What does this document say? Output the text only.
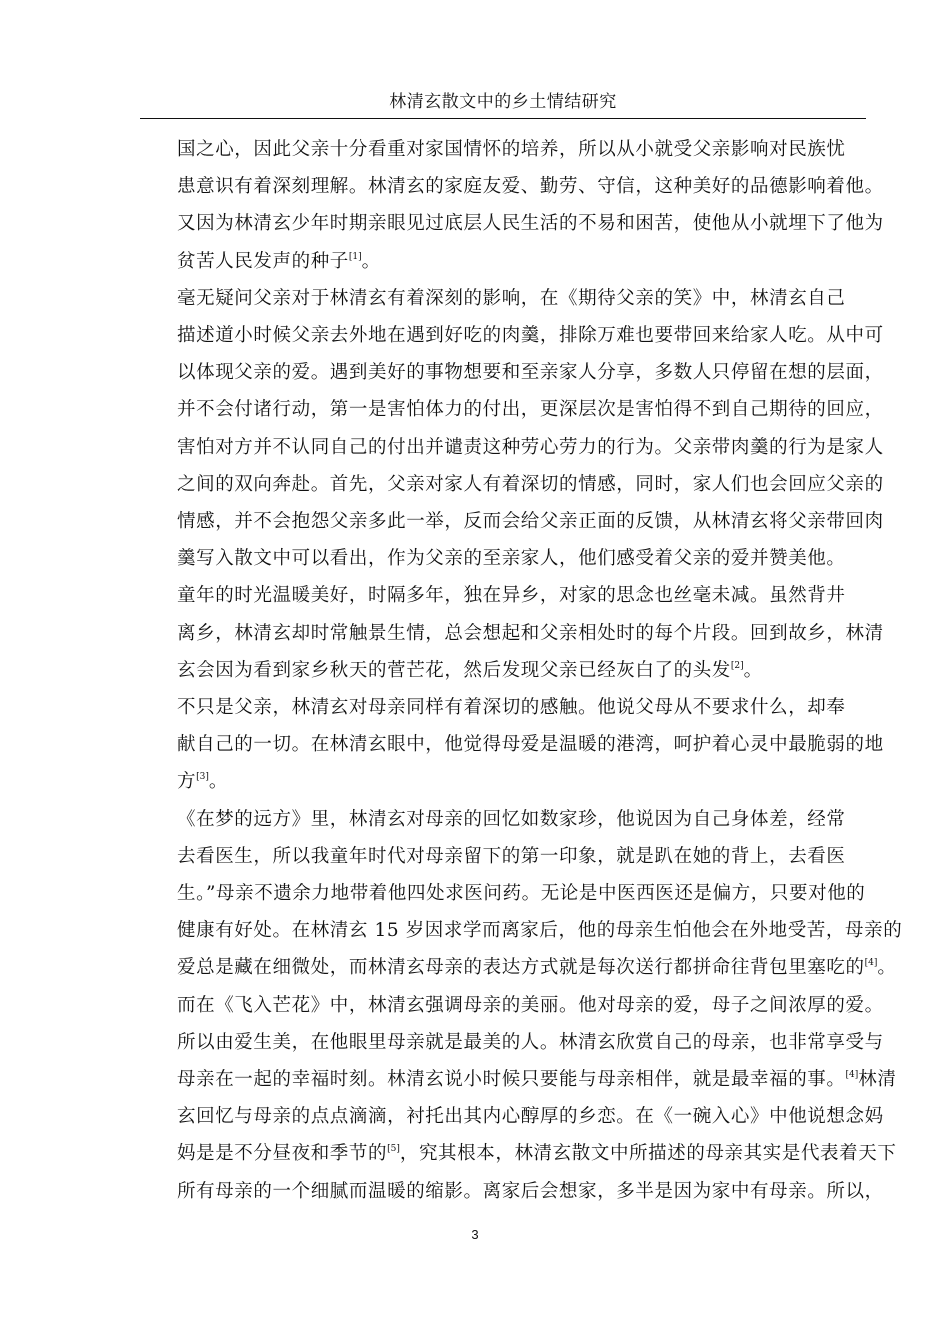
林清玄散文中的乡土情结研究

国之心，因此父亲十分看重对家国情怀的培养，所以从小就受父亲影响对民族忧
患意识有着深刻理解。林清玄的家庭友爱、勤劳、守信，这种美好的品德影响着他。
又因为林清玄少年时期亲眼见过底层人民生活的不易和困苦，使他从小就埋下了他为
贫苦人民发声的种子[1]。

毫无疑问父亲对于林清玄有着深刻的影响，在《期待父亲的笑》中，林清玄自己
描述道小时候父亲去外地在遇到好吃的肉羹，排除万难也要带回来给家人吃。从中可
以体现父亲的爱。遇到美好的事物想要和至亲家人分享，多数人只停留在想的层面，
并不会付诸行动，第一是害怕体力的付出，更深层次是害怕得不到自己期待的回应，
害怕对方并不认同自己的付出并谴责这种劳心劳力的行为。父亲带肉羹的行为是家人
之间的双向奔赴。首先，父亲对家人有着深切的情感，同时，家人们也会回应父亲的
情感，并不会抱怨父亲多此一举，反而会给父亲正面的反馈，从林清玄将父亲带回肉
羹写入散文中可以看出，作为父亲的至亲家人，他们感受着父亲的爱并赞美他。

童年的时光温暖美好，时隔多年，独在异乡，对家的思念也丝毫未减。虽然背井
离乡，林清玄却时常触景生情，总会想起和父亲相处时的每个片段。回到故乡，林清
玄会因为看到家乡秋天的菅芒花，然后发现父亲已经灰白了的头发[2]。

不只是父亲，林清玄对母亲同样有着深切的感触。他说父母从不要求什么，却奉
献自己的一切。在林清玄眼中，他觉得母爱是温暖的港湾，呵护着心灵中最脆弱的地
方[3]。

《在梦的远方》里，林清玄对母亲的回忆如数家珍，他说因为自己身体差，经常
去看医生，所以我童年时代对母亲留下的第一印象，就是趴在她的背上，去看医
生。”母亲不遗余力地带着他四处求医问药。无论是中医西医还是偏方，只要对他的
健康有好处。在林清玄 15 岁因求学而离家后，他的母亲生怕他会在外地受苦，母亲的
爱总是藏在细微处，而林清玄母亲的表达方式就是每次送行都拼命往背包里塞吃的[4]。
而在《飞入芒花》中，林清玄强调母亲的美丽。他对母亲的爱，母子之间浓厚的爱。
所以由爱生美，在他眼里母亲就是最美的人。林清玄欣赏自己的母亲，也非常享受与
母亲在一起的幸福时刻。林清玄说小时候只要能与母亲相伴，就是最幸福的事。[4]林清
玄回忆与母亲的点点滴滴，衬托出其内心醇厚的乡恋。在《一碗入心》中他说想念妈
妈是是不分昼夜和季节的[5]，究其根本，林清玄散文中所描述的母亲其实是代表着天下
所有母亲的一个细腻而温暖的缩影。离家后会想家，多半是因为家中有母亲。所以，

3
